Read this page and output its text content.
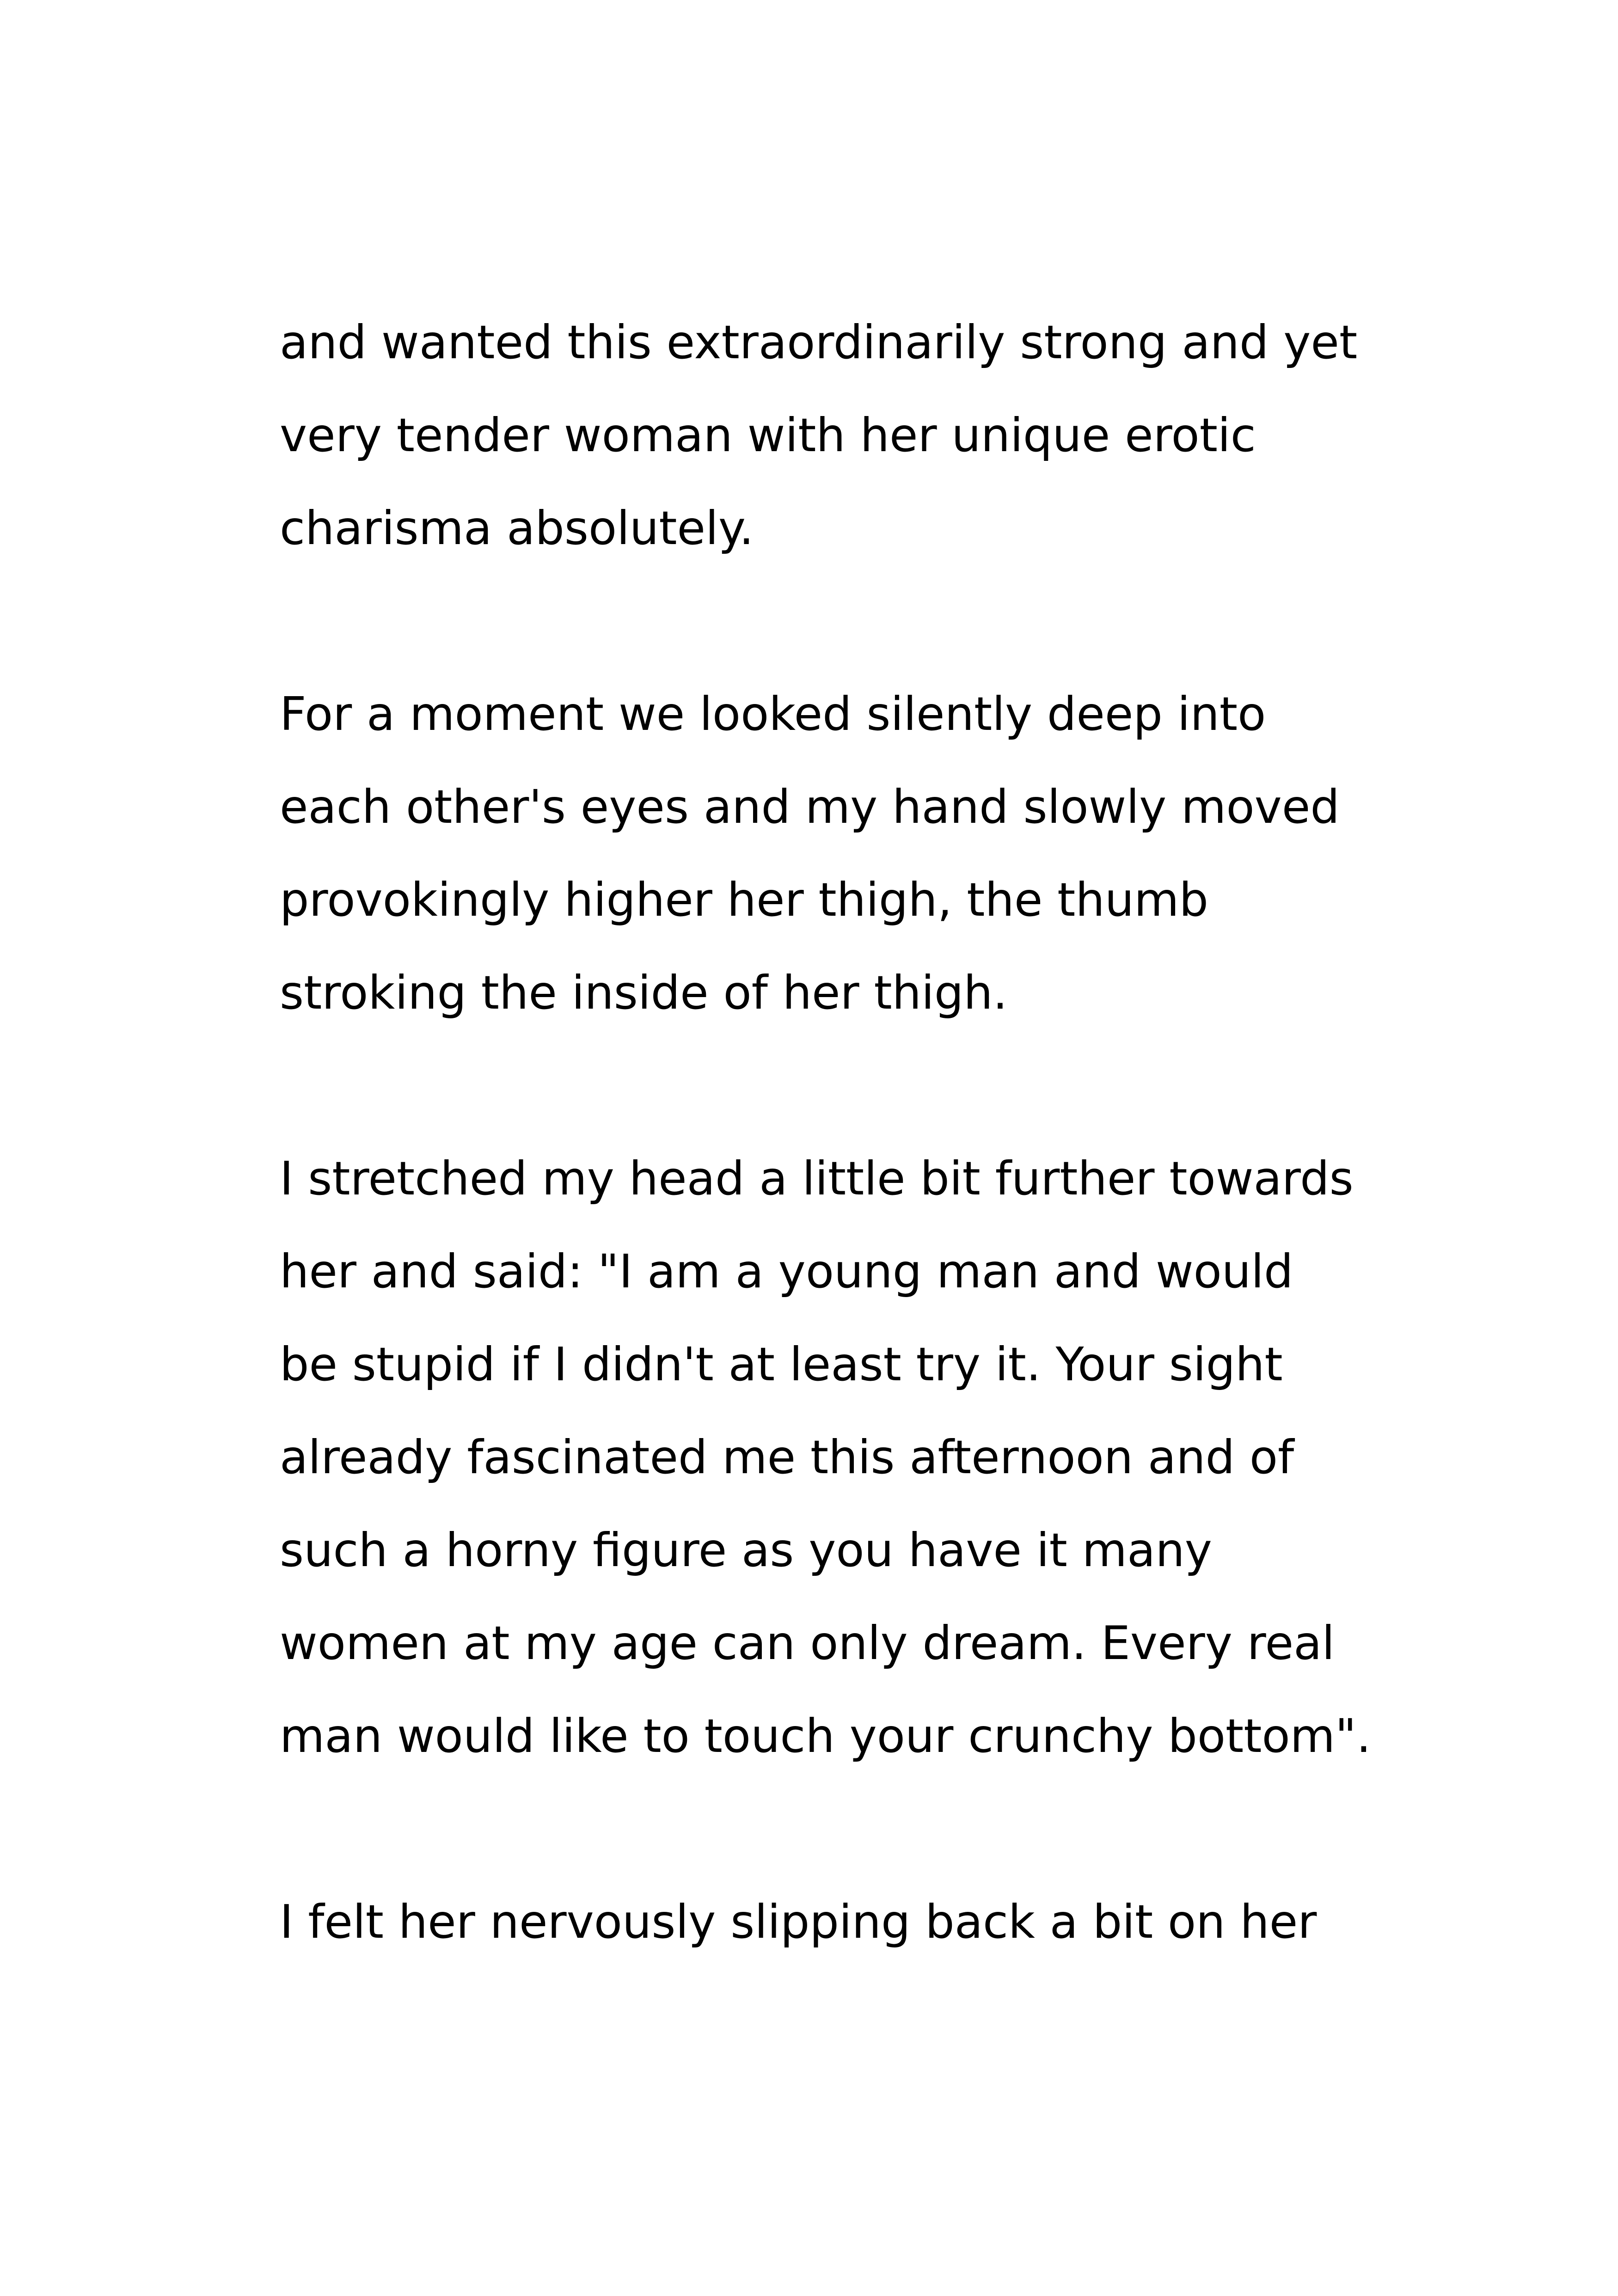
and wanted this extraordinarily strong and yet
very tender woman with her unique erotic
charisma absolutely.

For a moment we looked silently deep into
each other's eyes and my hand slowly moved
provokingly higher her thigh, the thumb
stroking the inside of her thigh.

I stretched my head a little bit further towards
her and said: "I am a young man and would
be stupid if I didn't at least try it. Your sight
already fascinated me this afternoon and of
such a horny figure as you have it many
women at my age can only dream. Every real
man would like to touch your crunchy bottom".

I felt her nervously slipping back a bit on her
